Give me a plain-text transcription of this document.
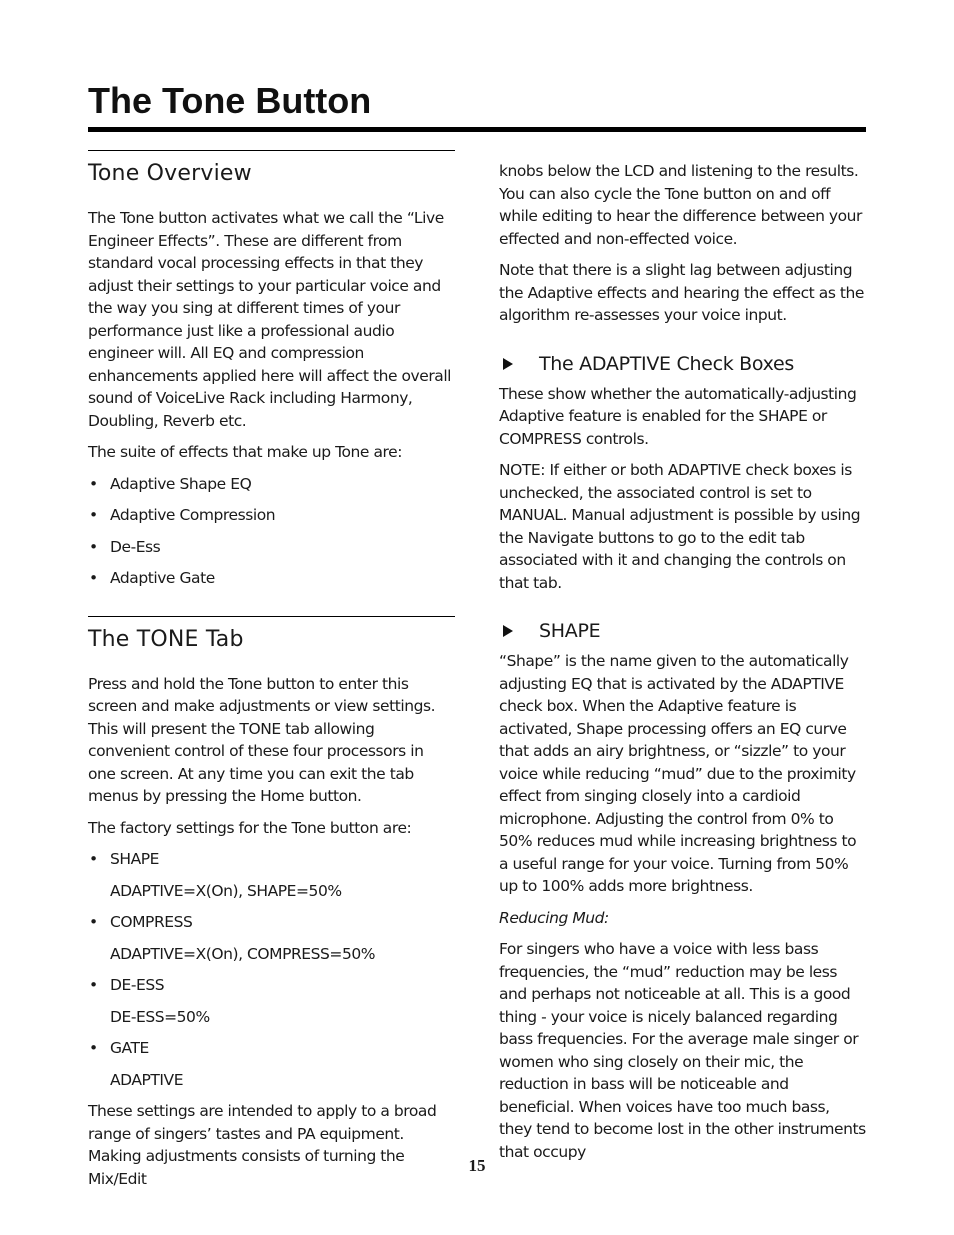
The Tone Button
Tone Overview

The Tone button activates what we call the “Live Engineer Effects”. These are different from standard vocal processing effects in that they adjust their settings to your particular voice and the way you sing at different times of your performance just like a professional audio engineer will. All EQ and compression enhancements applied here will affect the overall sound of VoiceLive Rack including Harmony, Doubling, Reverb etc.

The suite of effects that make up Tone are:

• Adaptive Shape EQ
• Adaptive Compression
• De-Ess
• Adaptive Gate
The TONE Tab

Press and hold the Tone button to enter this screen and make adjustments or view settings. This will present the TONE tab allowing convenient control of these four processors in one screen. At any time you can exit the tab menus by pressing the Home button.

The factory settings for the Tone button are:

• SHAPE
ADAPTIVE=X(On), SHAPE=50%
• COMPRESS
ADAPTIVE=X(On), COMPRESS=50%
• DE-ESS
DE-ESS=50%
• GATE
ADAPTIVE

These settings are intended to apply to a broad range of singers’ tastes and PA equipment. Making adjustments consists of turning the Mix/Edit

knobs below the LCD and listening to the results. You can also cycle the Tone button on and off while editing to hear the difference between your effected and non-effected voice.

Note that there is a slight lag between adjusting the Adaptive effects and hearing the effect as the algorithm re-assesses your voice input.

The ADAPTIVE Check Boxes

These show whether the automatically-adjusting Adaptive feature is enabled for the SHAPE or COMPRESS controls.

NOTE: If either or both ADAPTIVE check boxes is unchecked, the associated control is set to MANUAL. Manual adjustment is possible by using the Navigate buttons to go to the edit tab associated with it and changing the controls on that tab.

SHAPE

“Shape” is the name given to the automatically adjusting EQ that is activated by the ADAPTIVE check box. When the Adaptive feature is activated, Shape processing offers an EQ curve that adds an airy brightness, or “sizzle” to your voice while reducing “mud” due to the proximity effect from singing closely into a cardioid microphone. Adjusting the control from 0% to 50% reduces mud while increasing brightness to a useful range for your voice. Turning from 50% up to 100% adds more brightness.

Reducing Mud:

For singers who have a voice with less bass frequencies, the “mud” reduction may be less and perhaps not noticeable at all. This is a good thing - your voice is nicely balanced regarding bass frequencies. For the average male singer or women who sing closely on their mic, the reduction in bass will be noticeable and beneficial. When voices have too much bass, they tend to become lost in the other instruments that occupy

15
